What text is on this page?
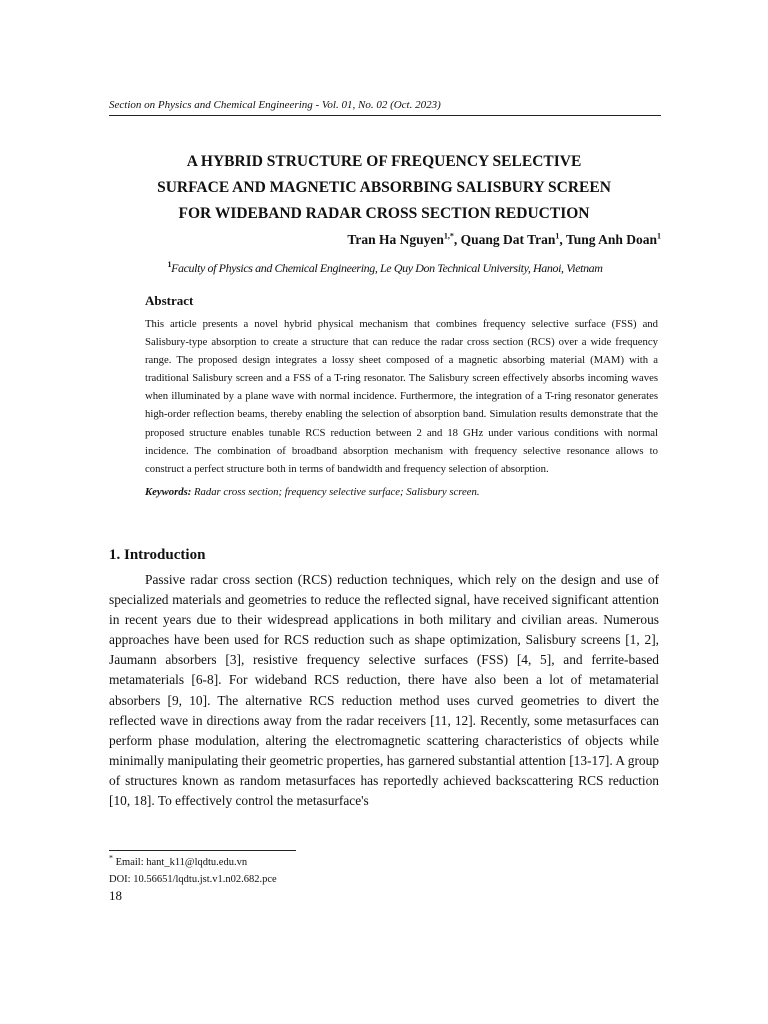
Section on Physics and Chemical Engineering - Vol. 01, No. 02 (Oct. 2023)
A HYBRID STRUCTURE OF FREQUENCY SELECTIVE
SURFACE AND MAGNETIC ABSORBING SALISBURY SCREEN
FOR WIDEBAND RADAR CROSS SECTION REDUCTION
Tran Ha Nguyen$^{1,*}$, Quang Dat Tran$^1$, Tung Anh Doan$^1$
$^1$Faculty of Physics and Chemical Engineering, Le Quy Don Technical University, Hanoi, Vietnam
Abstract

This article presents a novel hybrid physical mechanism that combines frequency selective surface (FSS) and Salisbury-type absorption to create a structure that can reduce the radar cross section (RCS) over a wide frequency range. The proposed design integrates a lossy sheet composed of a magnetic absorbing material (MAM) with a traditional Salisbury screen and a FSS of a T-ring resonator. The Salisbury screen effectively absorbs incoming waves when illuminated by a plane wave with normal incidence. Furthermore, the integration of a T-ring resonator generates high-order reflection beams, thereby enabling the selection of absorption band. Simulation results demonstrate that the proposed structure enables tunable RCS reduction between 2 and 18 GHz under various conditions with normal incidence. The combination of broadband absorption mechanism with frequency selective resonance allows to construct a perfect structure both in terms of bandwidth and frequency selection of absorption.

Keywords: Radar cross section; frequency selective surface; Salisbury screen.
1. Introduction

Passive radar cross section (RCS) reduction techniques, which rely on the design and use of specialized materials and geometries to reduce the reflected signal, have received significant attention in recent years due to their widespread applications in both military and civilian areas. Numerous approaches have been used for RCS reduction such as shape optimization, Salisbury screens [1, 2], Jaumann absorbers [3], resistive frequency selective surfaces (FSS) [4, 5], and ferrite-based metamaterials [6-8]. For wideband RCS reduction, there have also been a lot of metamaterial absorbers [9, 10]. The alternative RCS reduction method uses curved geometries to divert the reflected wave in directions away from the radar receivers [11, 12]. Recently, some metasurfaces can perform phase modulation, altering the electromagnetic scattering characteristics of objects while minimally manipulating their geometric properties, has garnered substantial attention [13-17]. A group of structures known as random metasurfaces has reportedly achieved backscattering RCS reduction [10, 18]. To effectively control the metasurface's

* Email: hant_k11@lqdtu.edu.vn
DOI: 10.56651/lqdtu.jst.v1.n02.682.pce
18
